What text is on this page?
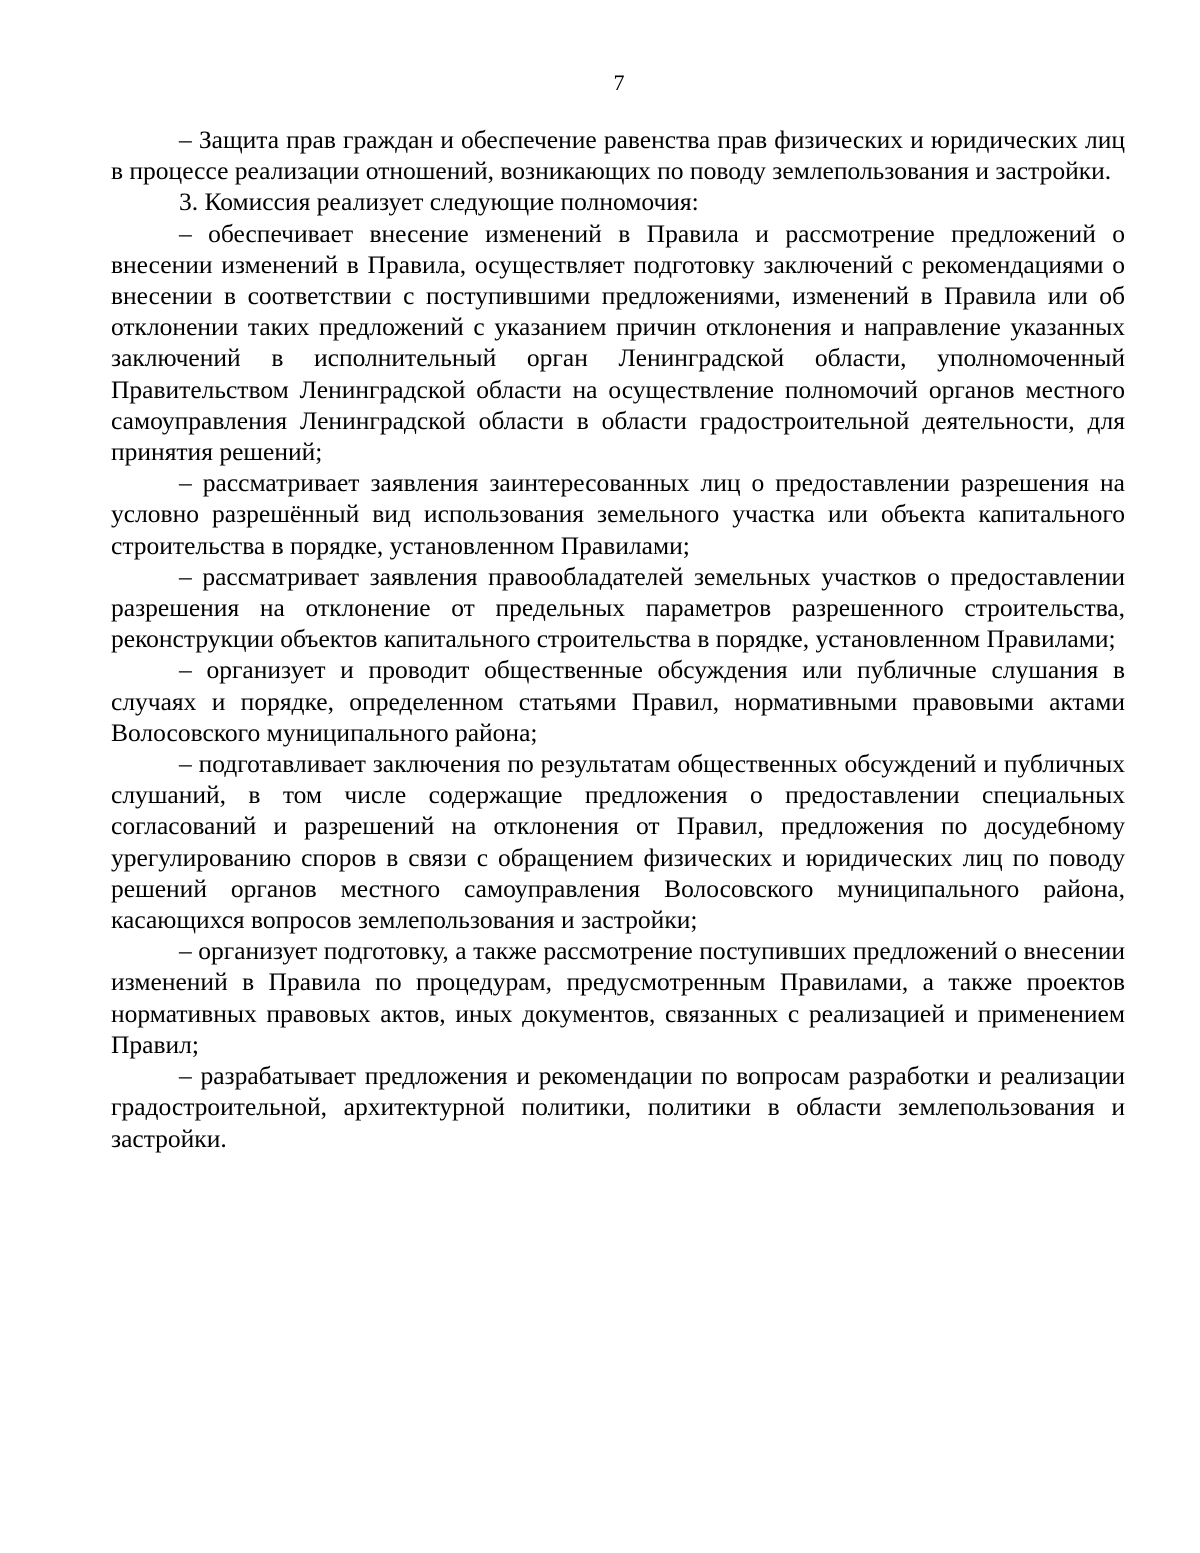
7

– Защита прав граждан и обеспечение равенства прав физических и юридических лиц в процессе реализации отношений, возникающих по поводу землепользования и застройки.

3. Комиссия реализует следующие полномочия:

– обеспечивает внесение изменений в Правила и рассмотрение предложений о внесении изменений в Правила, осуществляет подготовку заключений с рекомендациями о внесении в соответствии с поступившими предложениями, изменений в Правила или об отклонении таких предложений с указанием причин отклонения и направление указанных заключений в исполнительный орган Ленинградской области, уполномоченный Правительством Ленинградской области на осуществление полномочий органов местного самоуправления Ленинградской области в области градостроительной деятельности, для принятия решений;

– рассматривает заявления заинтересованных лиц о предоставлении разрешения на условно разрешённый вид использования земельного участка или объекта капитального строительства в порядке, установленном Правилами;

– рассматривает заявления правообладателей земельных участков о предоставлении разрешения на отклонение от предельных параметров разрешенного строительства, реконструкции объектов капитального строительства в порядке, установленном Правилами;

– организует и проводит общественные обсуждения или публичные слушания в случаях и порядке, определенном статьями Правил, нормативными правовыми актами Волосовского муниципального района;

– подготавливает заключения по результатам общественных обсуждений и публичных слушаний, в том числе содержащие предложения о предоставлении специальных согласований и разрешений на отклонения от Правил, предложения по досудебному урегулированию споров в связи с обращением физических и юридических лиц по поводу решений органов местного самоуправления Волосовского муниципального района, касающихся вопросов землепользования и застройки;

– организует подготовку, а также рассмотрение поступивших предложений о внесении изменений в Правила по процедурам, предусмотренным Правилами, а также проектов нормативных правовых актов, иных документов, связанных с реализацией и применением Правил;

– разрабатывает предложения и рекомендации по вопросам разработки и реализации градостроительной, архитектурной политики, политики в области землепользования и застройки.
